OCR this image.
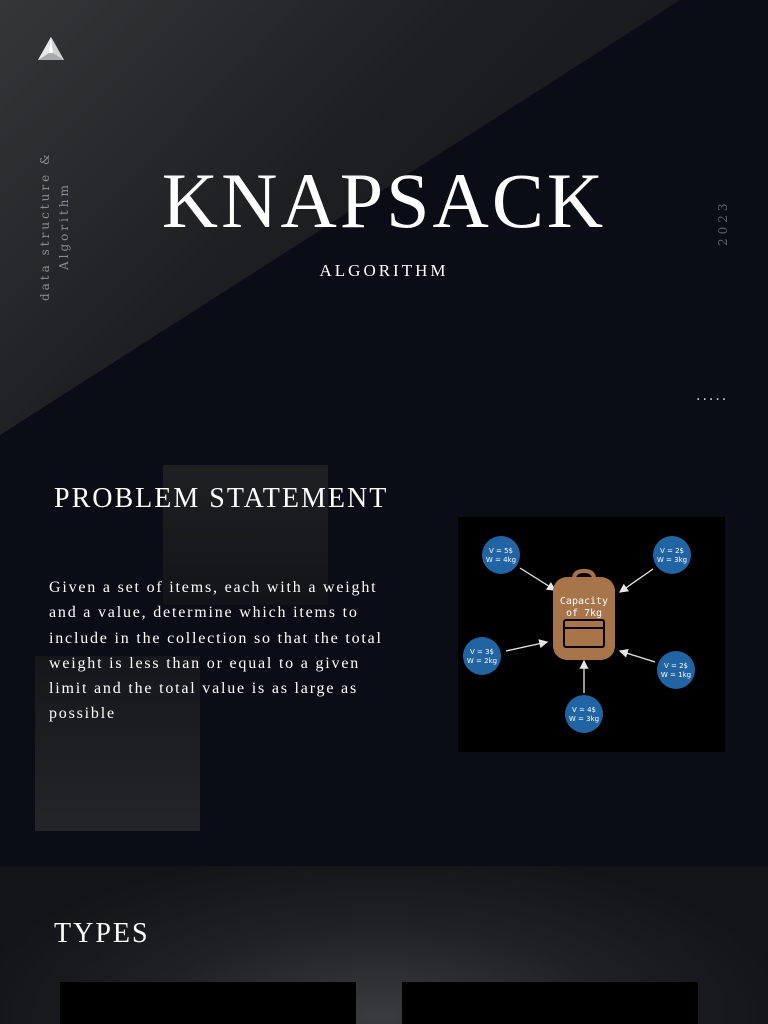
data structure & Algorithm	KNAPSACK

ALGORITHM

2023
.....
PROBLEM STATEMENT

Given a set of items, each with a weight and a value, determine which items to include in the collection so that the total weight is less than or equal to a given limit and the total value is as large as possible

Capacity
of 7kg
V = 5$
W = 4kg
V = 2$
W = 3kg
V = 3$
W = 2kg
V = 2$
W = 1kg
V = 4$
W = 3kg
TYPES
